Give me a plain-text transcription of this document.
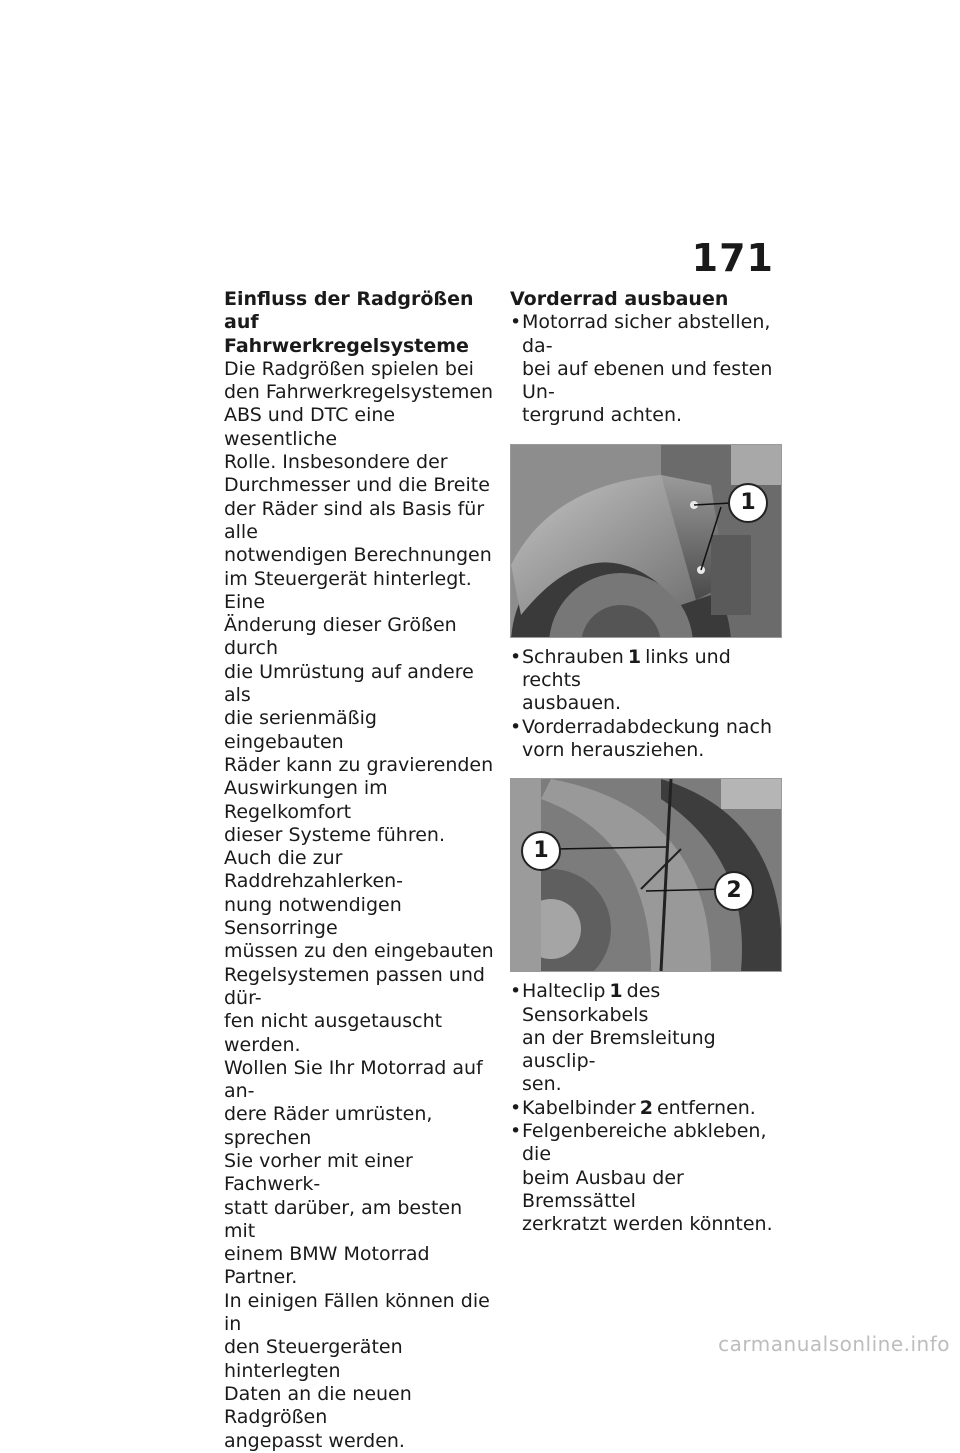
171

Einfluss der Radgrößen auf
Fahrwerkregelsysteme

Die Radgrößen spielen bei
den Fahrwerkregelsystemen
ABS und DTC eine wesentliche
Rolle. Insbesondere der
Durchmesser und die Breite
der Räder sind als Basis für alle
notwendigen Berechnungen
im Steuergerät hinterlegt. Eine
Änderung dieser Größen durch
die Umrüstung auf andere als
die serienmäßig eingebauten
Räder kann zu gravierenden
Auswirkungen im Regelkomfort
dieser Systeme führen.

Auch die zur Raddrehzahlerken-
nung notwendigen Sensorringe
müssen zu den eingebauten
Regelsystemen passen und dür-
fen nicht ausgetauscht werden.

Wollen Sie Ihr Motorrad auf an-
dere Räder umrüsten, sprechen
Sie vorher mit einer Fachwerk-
statt darüber, am besten mit
einem BMW Motorrad Partner.

In einigen Fällen können die in
den Steuergeräten hinterlegten
Daten an die neuen Radgrößen
angepasst werden.

Vorderrad ausbauen

• Motorrad sicher abstellen, da-
bei auf ebenen und festen Un-
tergrund achten.
1
• Schrauben 1 links und rechts
ausbauen.
• Vorderradabdeckung nach
vorn herausziehen.
1
2
• Halteclip 1 des Sensorkabels
an der Bremsleitung ausclip-
sen.
• Kabelbinder 2 entfernen.
• Felgenbereiche abkleben, die
beim Ausbau der Bremssättel
zerkratzt werden könnten.
carmanualsonline.info
